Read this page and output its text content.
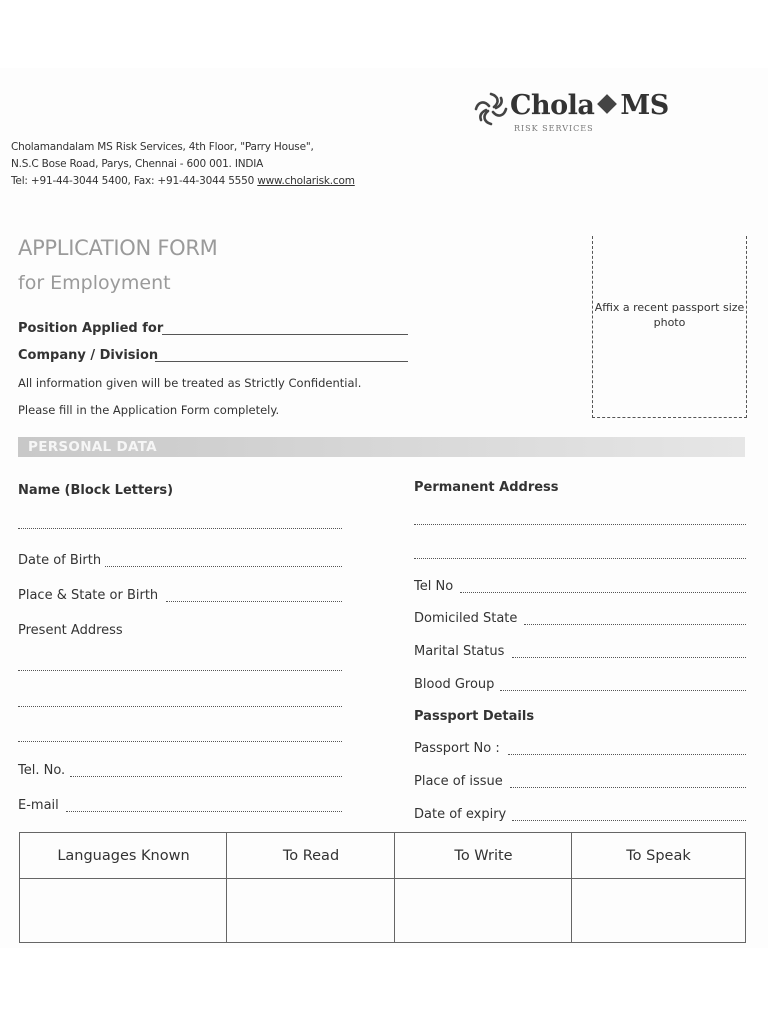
Chola MS
RISK SERVICES
Cholamandalam MS Risk Services, 4th Floor, "Parry House",
N.S.C Bose Road, Parys, Chennai - 600 001. INDIA
Tel: +91-44-3044 5400, Fax: +91-44-3044 5550 www.cholarisk.com
APPLICATION FORM
for Employment
Position Applied for
Company / Division
All information given will be treated as Strictly Confidential.
Please fill in the Application Form completely.
Affix a recent passport size photo
PERSONAL DATA
Name (Block Letters)
Date of Birth
Place & State or Birth
Present Address
Tel. No.
E-mail
Permanent Address
Tel No
Domiciled State
Marital Status
Blood Group
Passport Details
Passport No :
Place of issue
Date of expiry
Languages Known	To Read	To Write	To Speak
